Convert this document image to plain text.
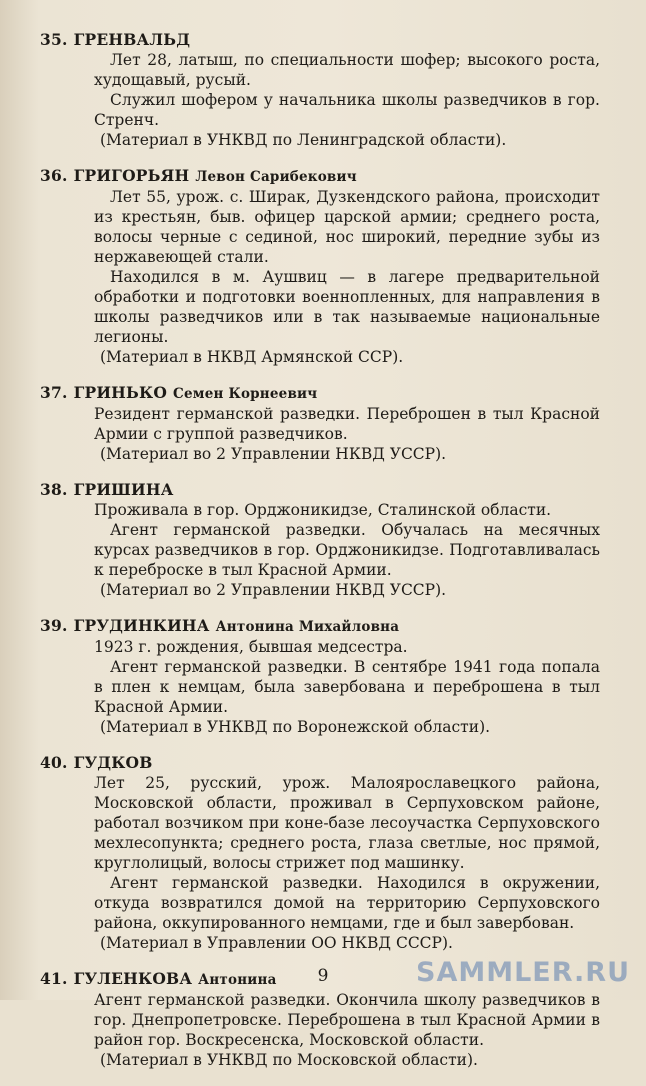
35. ГРЕНВАЛЬД
Лет 28, латыш, по специальности шофер; высокого роста, худощавый, русый.
Служил шофером у начальника школы разведчиков в гор. Стренч.
(Материал в УНКВД по Ленинградской области).
36. ГРИГОРЬЯН Левон Сарибекович
Лет 55, урож. с. Ширак, Дузкендского района, происходит из крестьян, быв. офицер царской армии; среднего роста, волосы черные с сединой, нос широкий, передние зубы из нержавеющей стали.
Находился в м. Аушвиц — в лагере предварительной обработки и подготовки военнопленных, для направления в школы разведчиков или в так называемые национальные легионы.
(Материал в НКВД Армянской ССР).
37. ГРИНЬКО Семен Корнеевич
Резидент германской разведки. Переброшен в тыл Красной Армии с группой разведчиков.
(Материал во 2 Управлении НКВД УССР).
38. ГРИШИНА
Проживала в гор. Орджоникидзе, Сталинской области.
Агент германской разведки. Обучалась на месячных курсах разведчиков в гор. Орджоникидзе. Подготавливалась к переброске в тыл Красной Армии.
(Материал во 2 Управлении НКВД УССР).
39. ГРУДИНКИНА Антонина Михайловна
1923 г. рождения, бывшая медсестра.
Агент германской разведки. В сентябре 1941 года попала в плен к немцам, была завербована и переброшена в тыл Красной Армии.
(Материал в УНКВД по Воронежской области).
40. ГУДКОВ
Лет 25, русский, урож. Малоярославецкого района, Московской области, проживал в Серпуховском районе, работал возчиком при коне-базе лесоучастка Серпуховского мехлесопункта; среднего роста, глаза светлые, нос прямой, круглолицый, волосы стрижет под машинку.
Агент германской разведки. Находился в окружении, откуда возвратился домой на территорию Серпуховского района, оккупированного немцами, где и был завербован.
(Материал в Управлении ОО НКВД СССР).
41. ГУЛЕНКОВА Антонина
Агент германской разведки. Окончила школу разведчиков в гор. Днепропетровске. Переброшена в тыл Красной Армии в район гор. Воскресенска, Московской области.
(Материал в УНКВД по Московской области).
9	SAMMLER.RU
